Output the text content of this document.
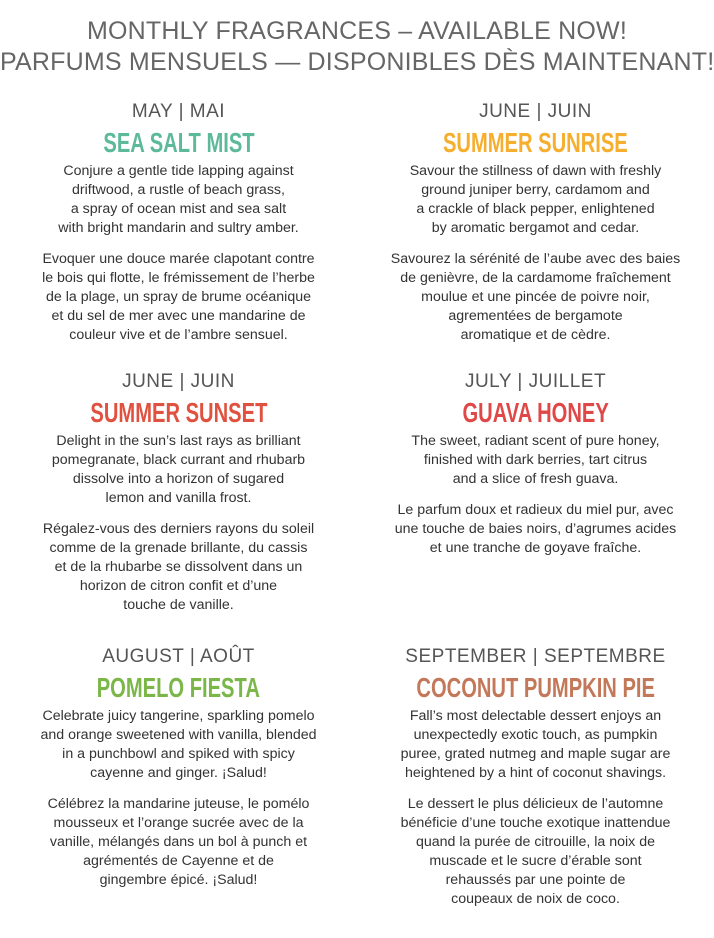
MONTHLY FRAGRANCES – AVAILABLE NOW!
PARFUMS MENSUELS — DISPONIBLES DÈS MAINTENANT!
MAY | MAI
SEA SALT MIST

Conjure a gentle tide lapping against
driftwood, a rustle of beach grass,
a spray of ocean mist and sea salt
with bright mandarin and sultry amber.

Evoquer une douce marée clapotant contre
le bois qui flotte, le frémissement de l’herbe
de la plage, un spray de brume océanique
et du sel de mer avec une mandarine de
couleur vive et de l’ambre sensuel.

JUNE | JUIN
SUMMER SUNRISE

Savour the stillness of dawn with freshly
ground juniper berry, cardamom and
a crackle of black pepper, enlightened
by aromatic bergamot and cedar.

Savourez la sérénité de l’aube avec des baies
de genièvre, de la cardamome fraîchement
moulue et une pincée de poivre noir,
agrementées de bergamote
aromatique et de cèdre.

JUNE | JUIN
SUMMER SUNSET

Delight in the sun’s last rays as brilliant
pomegranate, black currant and rhubarb
dissolve into a horizon of sugared
lemon and vanilla frost.

Régalez-vous des derniers rayons du soleil
comme de la grenade brillante, du cassis
et de la rhubarbe se dissolvent dans un
horizon de citron confit et d’une
touche de vanille.

JULY | JUILLET
GUAVA HONEY

The sweet, radiant scent of pure honey,
finished with dark berries, tart citrus
and a slice of fresh guava.

Le parfum doux et radieux du miel pur, avec
une touche de baies noirs, d’agrumes acides
et une tranche de goyave fraîche.

AUGUST | AOÛT
POMELO FIESTA

Celebrate juicy tangerine, sparkling pomelo
and orange sweetened with vanilla, blended
in a punchbowl and spiked with spicy
cayenne and ginger. ¡Salud!

Célébrez la mandarine juteuse, le pomélo
mousseux et l’orange sucrée avec de la
vanille, mélangés dans un bol à punch et
agrémentés de Cayenne et de
gingembre épicé. ¡Salud!

SEPTEMBER | SEPTEMBRE
COCONUT PUMPKIN PIE

Fall’s most delectable dessert enjoys an
unexpectedly exotic touch, as pumpkin
puree, grated nutmeg and maple sugar are
heightened by a hint of coconut shavings.

Le dessert le plus délicieux de l’automne
bénéficie d’une touche exotique inattendue
quand la purée de citrouille, la noix de
muscade et le sucre d’érable sont
rehaussés par une pointe de
coupeaux de noix de coco.
